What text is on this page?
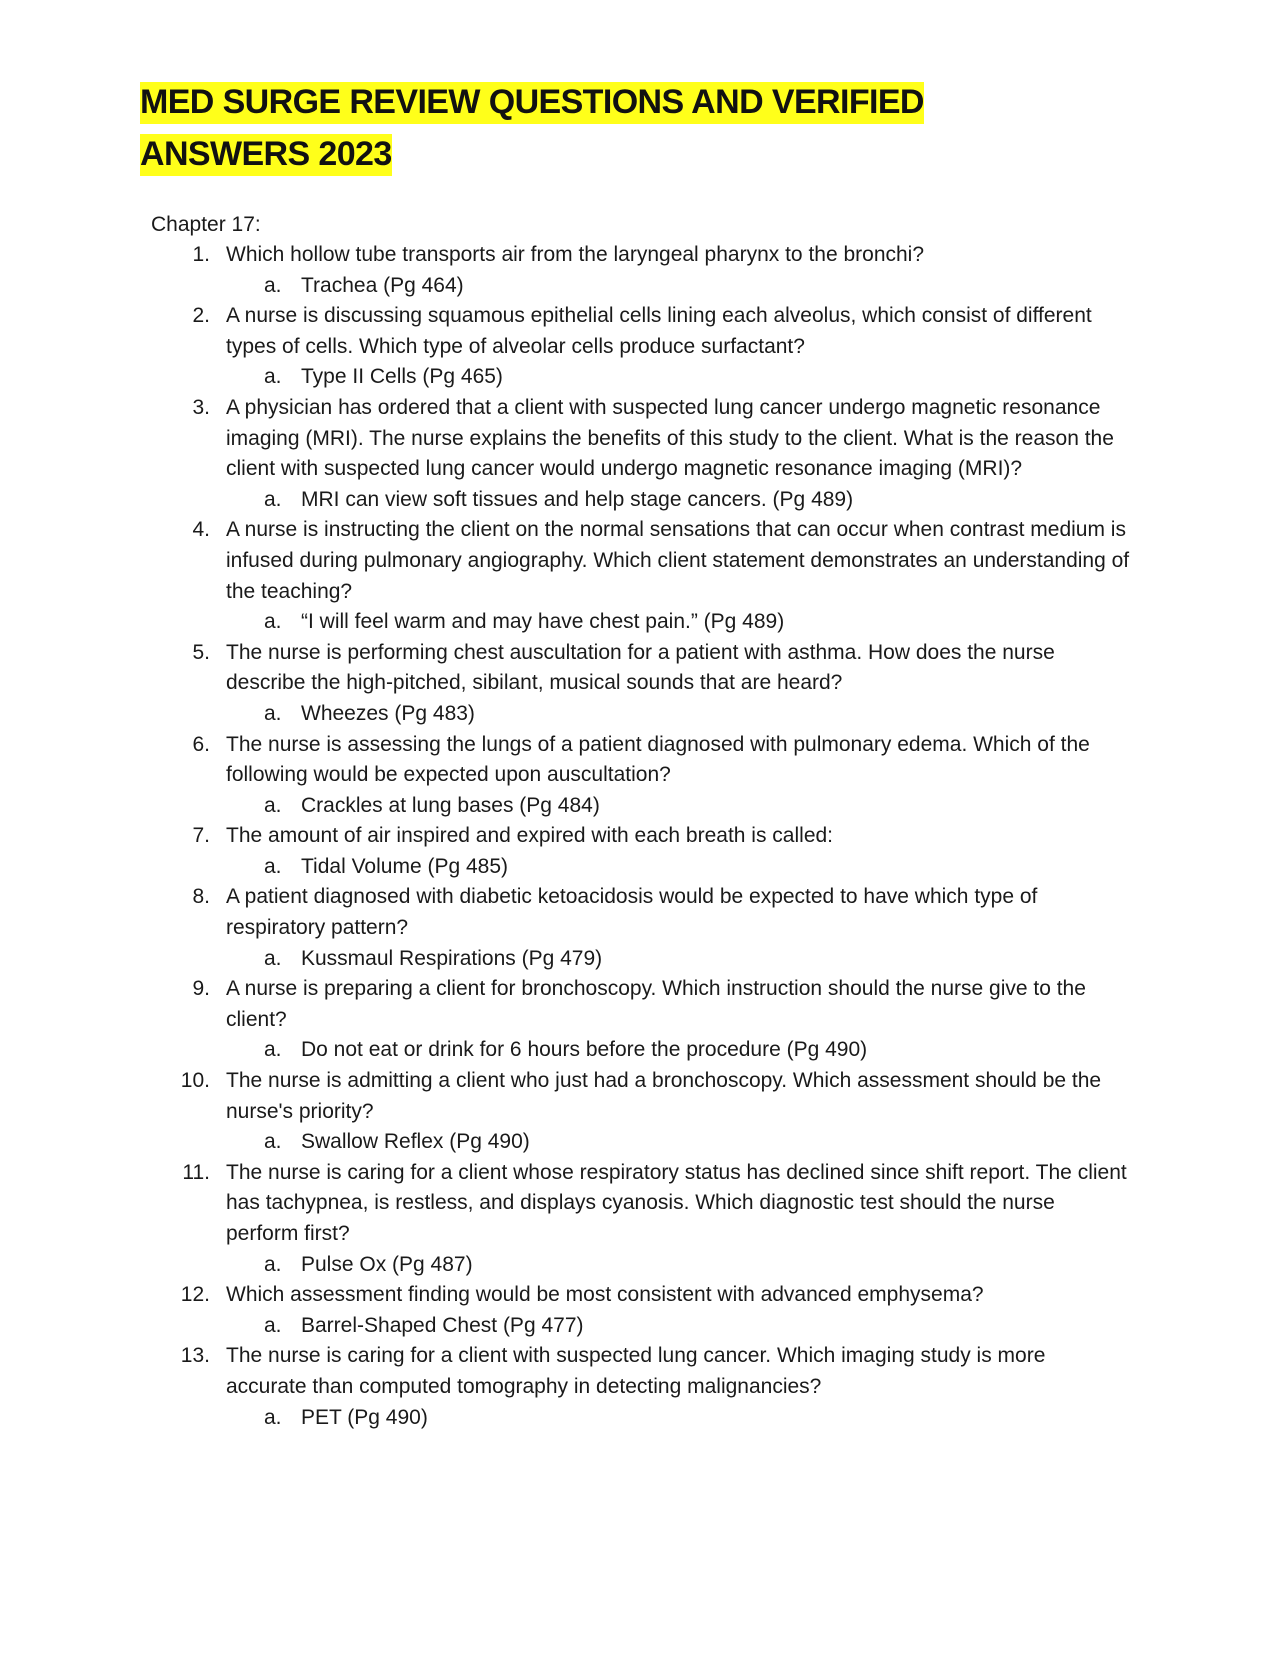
MED SURGE REVIEW QUESTIONS AND VERIFIED ANSWERS 2023

Chapter 17:

1. Which hollow tube transports air from the laryngeal pharynx to the bronchi?
a. Trachea (Pg 464)
2. A nurse is discussing squamous epithelial cells lining each alveolus, which consist of different types of cells. Which type of alveolar cells produce surfactant?
a. Type II Cells (Pg 465)
3. A physician has ordered that a client with suspected lung cancer undergo magnetic resonance imaging (MRI). The nurse explains the benefits of this study to the client. What is the reason the client with suspected lung cancer would undergo magnetic resonance imaging (MRI)?
a. MRI can view soft tissues and help stage cancers. (Pg 489)
4. A nurse is instructing the client on the normal sensations that can occur when contrast medium is infused during pulmonary angiography. Which client statement demonstrates an understanding of the teaching?
a. “I will feel warm and may have chest pain.” (Pg 489)
5. The nurse is performing chest auscultation for a patient with asthma. How does the nurse describe the high-pitched, sibilant, musical sounds that are heard?
a. Wheezes (Pg 483)
6. The nurse is assessing the lungs of a patient diagnosed with pulmonary edema. Which of the following would be expected upon auscultation?
a. Crackles at lung bases (Pg 484)
7. The amount of air inspired and expired with each breath is called:
a. Tidal Volume (Pg 485)
8. A patient diagnosed with diabetic ketoacidosis would be expected to have which type of respiratory pattern?
a. Kussmaul Respirations (Pg 479)
9. A nurse is preparing a client for bronchoscopy. Which instruction should the nurse give to the client?
a. Do not eat or drink for 6 hours before the procedure (Pg 490)
10. The nurse is admitting a client who just had a bronchoscopy. Which assessment should be the nurse's priority?
a. Swallow Reflex (Pg 490)
11. The nurse is caring for a client whose respiratory status has declined since shift report. The client has tachypnea, is restless, and displays cyanosis. Which diagnostic test should the nurse perform first?
a. Pulse Ox (Pg 487)
12. Which assessment finding would be most consistent with advanced emphysema?
a. Barrel-Shaped Chest (Pg 477)
13. The nurse is caring for a client with suspected lung cancer. Which imaging study is more accurate than computed tomography in detecting malignancies?
a. PET (Pg 490)
